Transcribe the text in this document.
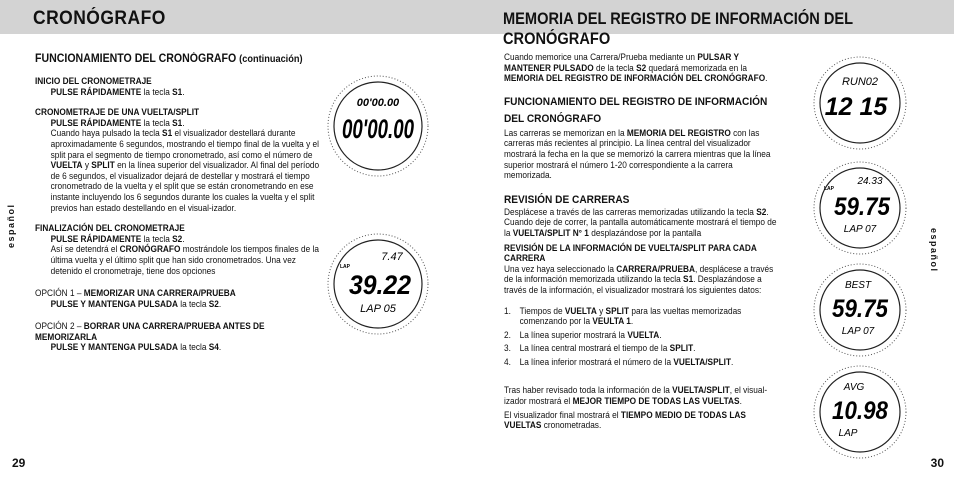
CRONÓGRAFO

FUNCIONAMIENTO DEL CRONÓGRAFO (continuación)

INICIO DEL CRONOMETRAJE

PULSE RÁPIDAMENTE la tecla S1.

CRONOMETRAJE DE UNA VUELTA/SPLIT

PULSE RÁPIDAMENTE la tecla S1.

Cuando haya pulsado la tecla S1 el visualizador destellará durante aproximadamente 6 segundos, mostrando el tiempo final de la vuelta y el split para el segmento de tiempo cronometrado, así como el número de VUELTA y SPLIT en la línea superior del visualizador. Al final del período de 6 segundos, el visualizador dejará de destellar y mostrará el tiempo cronometrado de la vuelta y el split que se están cronometrando en ese instante incluyendo los 6 segundos durante los cuales la vuelta y el split previos han estado destellando en el visual-izador.

FINALIZACIÓN DEL CRONOMETRAJE

PULSE RÁPIDAMENTE la tecla S2.

Así se detendrá el CRONÓGRAFO mostrándole los tiempos finales de la última vuelta y el último split que han sido cronometrados. Una vez detenido el cronometraje, tiene dos opciones

OPCIÓN 1 – MEMORIZAR UNA CARRERA/PRUEBA

PULSE Y MANTENGA PULSADA la tecla S2.

OPCIÓN 2 – BORRAR UNA CARRERA/PRUEBA ANTES DE MEMORIZARLA

PULSE Y MANTENGA PULSADA la tecla S4.

00'00.00
00'00.00
LAP
7.47
39.22
LAP 05
español
29
MEMORIA DEL REGISTRO DE INFORMACIÓN DEL CRONÓGRAFO

Cuando memorice una Carrera/Prueba mediante un PULSAR Y MANTENER PULSADO de la tecla S2 quedará memorizada en la MEMORIA DEL REGISTRO DE INFORMACIÓN DEL CRONÓGRAFO.

FUNCIONAMIENTO DEL REGISTRO DE INFORMACIÓN DEL CRONÓGRAFO

Las carreras se memorizan en la MEMORIA DEL REGISTRO con las carreras más recientes al principio. La línea central del visualizador mostrará la fecha en la que se memorizó la carrera mientras que la línea superior mostrará el número 1-20 correspondiente a la carrera memorizada.

REVISIÓN DE CARRERAS

Desplácese a través de las carreras memorizadas utilizando la tecla S2. Cuando deje de correr, la pantalla automáticamente mostrará el tiempo de la VUELTA/SPLIT N° 1 desplazándose por la pantalla

REVISIÓN DE LA INFORMACIÓN DE VUELTA/SPLIT PARA CADA CARRERA

Una vez haya seleccionado la CARRERA/PRUEBA, desplácese a través de la información memorizada utilizando la tecla S1. Desplazándose a través de la información, el visualizador mostrará los siguientes datos:

1. Tiempos de VUELTA y SPLIT para las vueltas memorizadas comenzando por la VEULTA 1.
2. La línea superior mostrará la VUELTA.
3. La línea central mostrará el tiempo de la SPLIT.
4. La línea inferior mostrará el número de la VUELTA/SPLIT.

Tras haber revisado toda la información de la VUELTA/SPLIT, el visual-izador mostrará el MEJOR TIEMPO DE TODAS LAS VUELTAS.

El visualizador final mostrará el TIEMPO MEDIO DE TODAS LAS VUELTAS cronometradas.

RUN02
12 15
LAP
24.33
59.75
LAP 07
BEST
59.75
LAP 07
AVG
10.98
LAP
español
30
